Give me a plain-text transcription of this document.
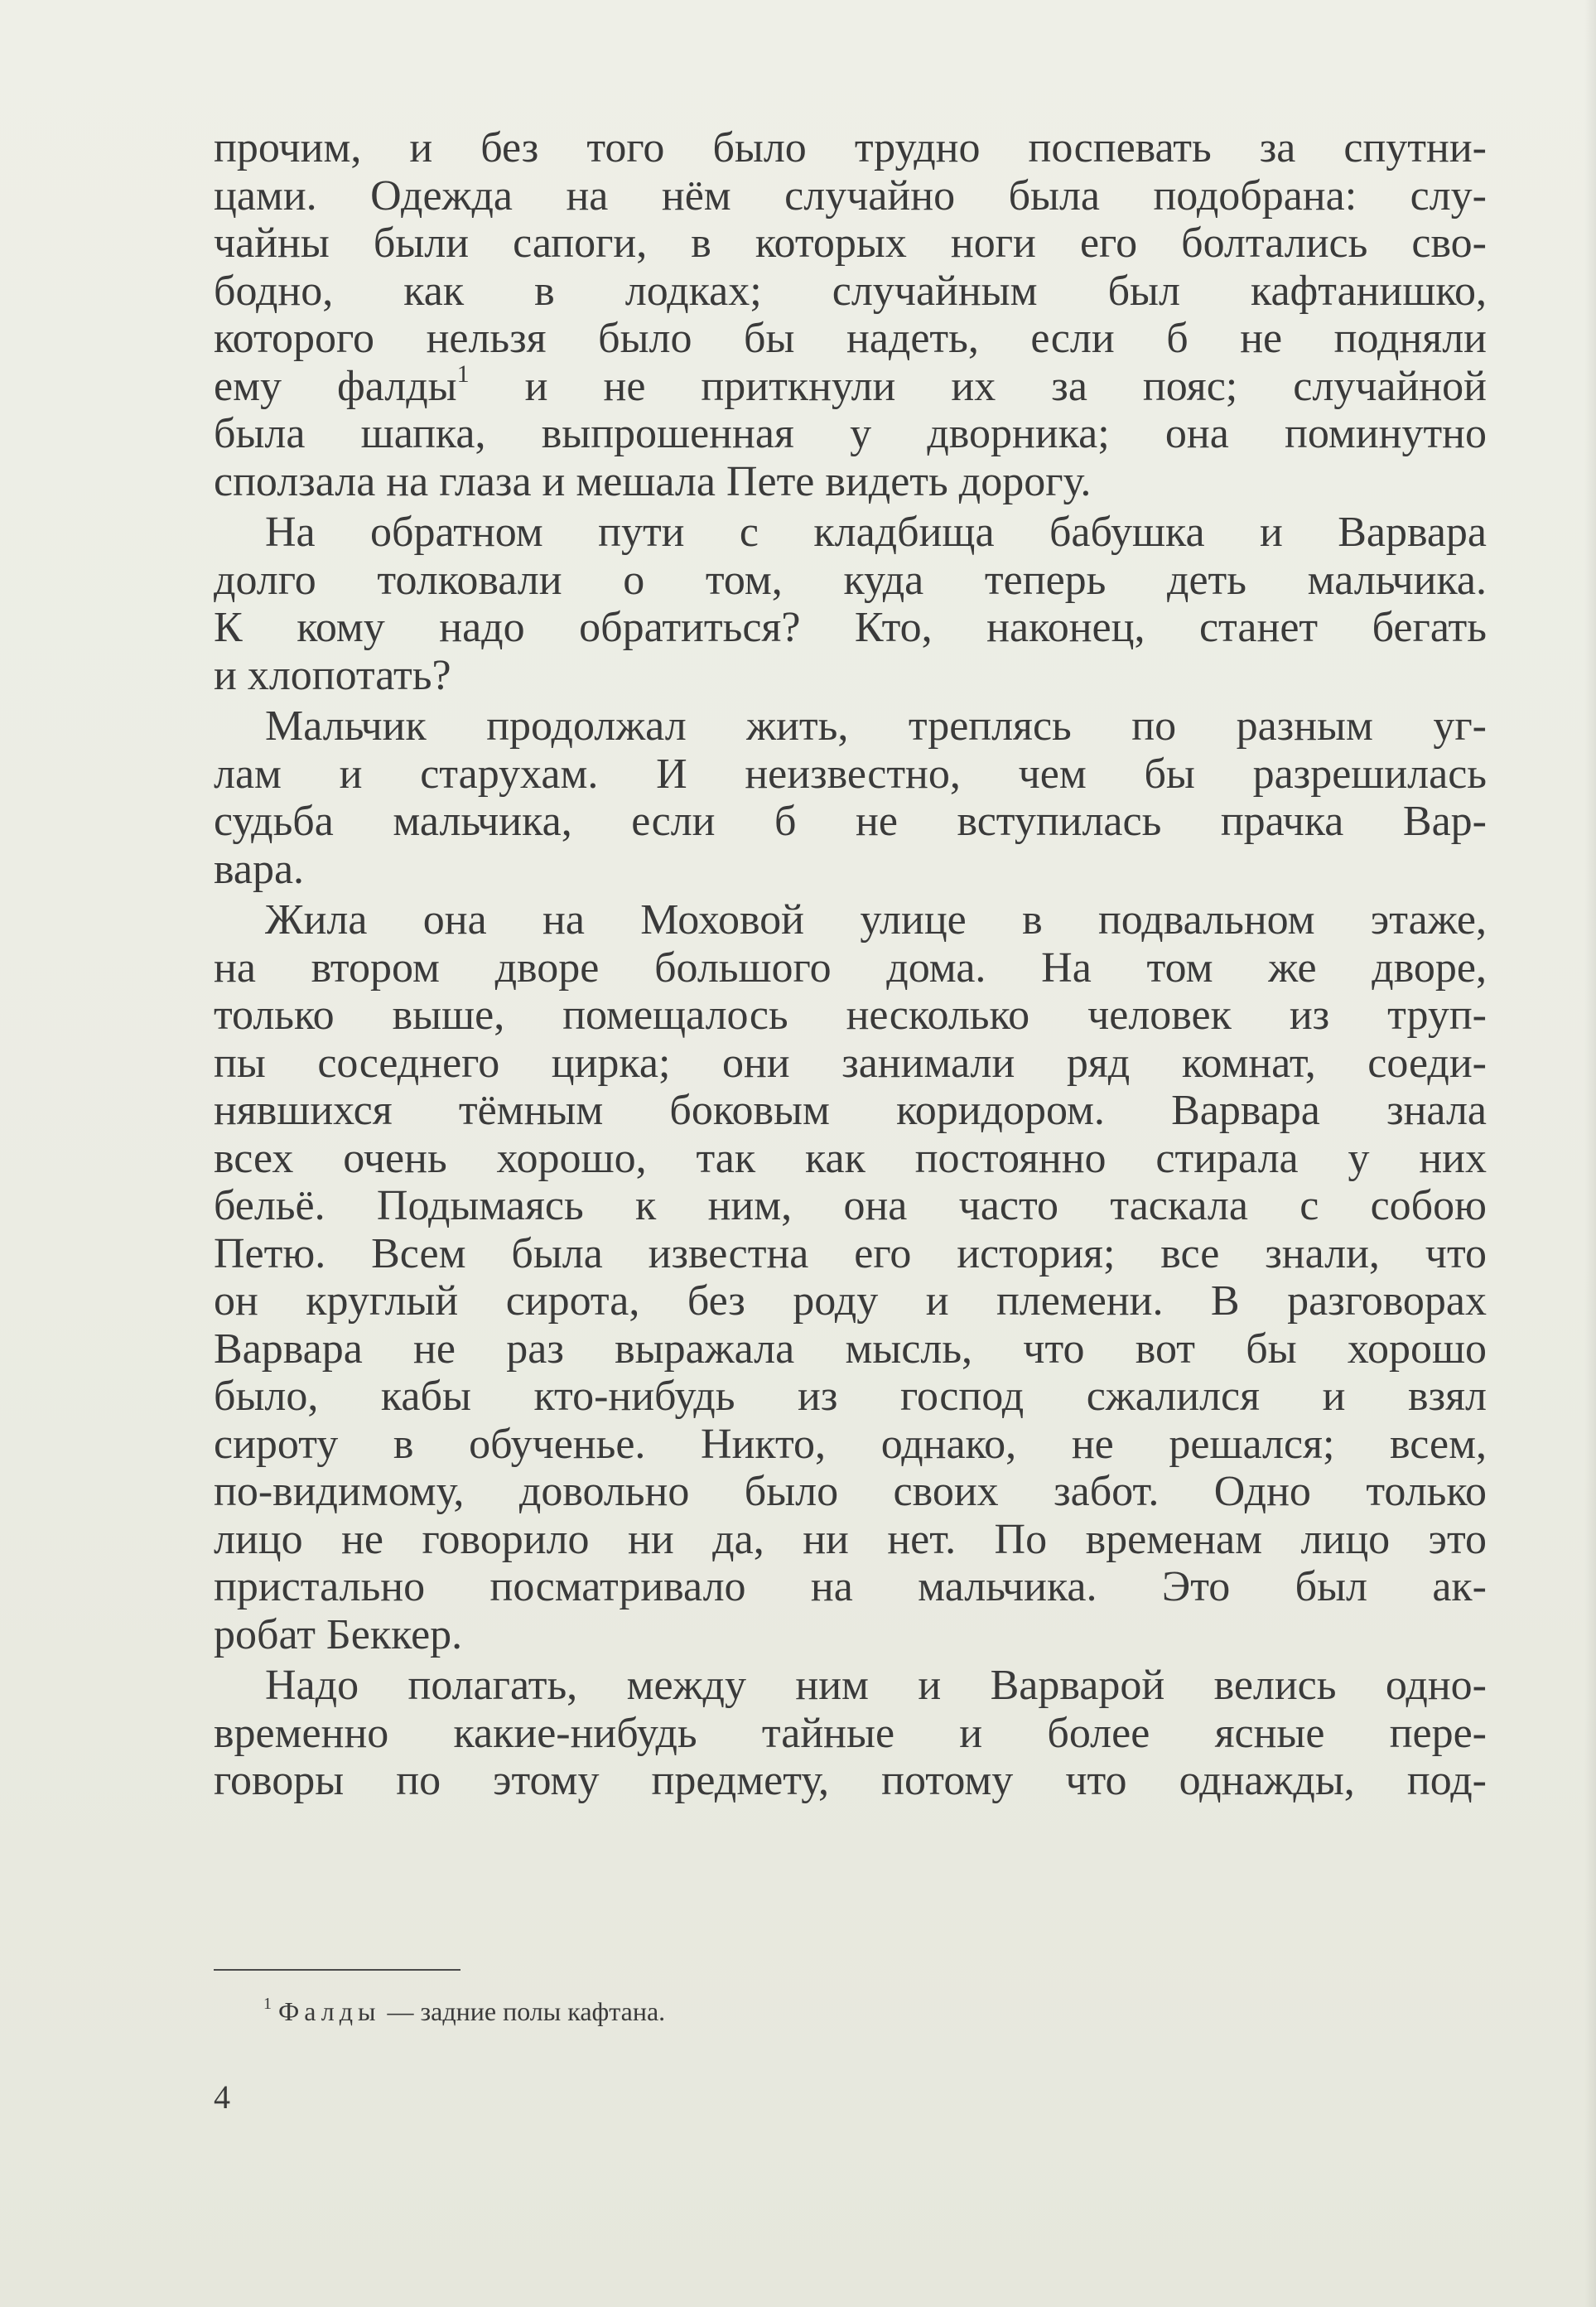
прочим, и без того было трудно поспевать за спутни-
цами. Одежда на нём случайно была подобрана: слу-
чайны были сапоги, в которых ноги его болтались сво-
бодно, как в лодках; случайным был кафтанишко,
которого нельзя было бы надеть, если б не подняли
ему фалды$^1$ и не приткнули их за пояс; случайной
была шапка, выпрошенная у дворника; она поминутно
сползала на глаза и мешала Пете видеть дорогу.
На обратном пути с кладбища бабушка и Варвара
долго толковали о том, куда теперь деть мальчика.
К кому надо обратиться? Кто, наконец, станет бегать
и хлопотать?
Мальчик продолжал жить, треплясь по разным уг-
лам и старухам. И неизвестно, чем бы разрешилась
судьба мальчика, если б не вступилась прачка Вар-
вара.
Жила она на Моховой улице в подвальном этаже,
на втором дворе большого дома. На том же дворе,
только выше, помещалось несколько человек из труп-
пы соседнего цирка; они занимали ряд комнат, соеди-
нявшихся тёмным боковым коридором. Варвара знала
всех очень хорошо, так как постоянно стирала у них
бельё. Подымаясь к ним, она часто таскала с собою
Петю. Всем была известна его история; все знали, что
он круглый сирота, без роду и племени. В разговорах
Варвара не раз выражала мысль, что вот бы хорошо
было, кабы кто-нибудь из господ сжалился и взял
сироту в обученье. Никто, однако, не решался; всем,
по-видимому, довольно было своих забот. Одно только
лицо не говорило ни да, ни нет. По временам лицо это
пристально посматривало на мальчика. Это был ак-
робат Беккер.
Надо полагать, между ним и Варварой велись одно-
временно какие-нибудь тайные и более ясные пере-
говоры по этому предмету, потому что однажды, под-
$^1$ Фалды — задние полы кафтана.
4
